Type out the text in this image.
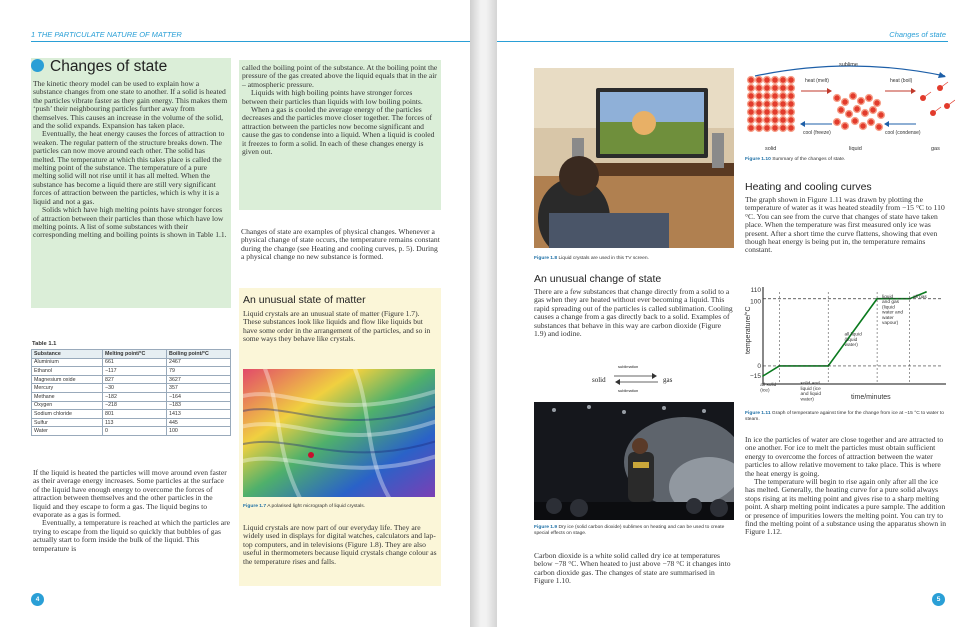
1 THE PARTICULATE NATURE OF MATTER
Changes of state

The kinetic theory model can be used to explain how a substance changes from one state to another. If a solid is heated the particles vibrate faster as they gain energy. This makes them ‘push’ their neighbouring particles further away from themselves. This causes an increase in the volume of the solid, and the solid expands. Expansion has taken place.

Eventually, the heat energy causes the forces of attraction to weaken. The regular pattern of the structure breaks down. The particles can now move around each other. The solid has melted. The temperature at which this takes place is called the melting point of the substance. The temperature of a pure melting solid will not rise until it has all melted. When the substance has become a liquid there are still very significant forces of attraction between the particles, which is why it is a liquid and not a gas.

Solids which have high melting points have stronger forces of attraction between their particles than those which have low melting points. A list of some substances with their corresponding melting and boiling points is shown in Table 1.1.

Table 1.1
Substance	Melting point/°C	Boiling point/°C
Aluminium	661	2467
Ethanol	−117	79
Magnesium oxide	827	3627
Mercury	−30	357
Methane	−182	−164
Oxygen	−218	−183
Sodium chloride	801	1413
Sulfur	113	445
Water	0	100

If the liquid is heated the particles will move around even faster as their average energy increases. Some particles at the surface of the liquid have enough energy to overcome the forces of attraction between themselves and the other particles in the liquid and they escape to form a gas. The liquid begins to evaporate as a gas is formed.

Eventually, a temperature is reached at which the particles are trying to escape from the liquid so quickly that bubbles of gas actually start to form inside the bulk of the liquid. This temperature is

called the boiling point of the substance. At the boiling point the pressure of the gas created above the liquid equals that in the air – atmospheric pressure.

Liquids with high boiling points have stronger forces between their particles than liquids with low boiling points.

When a gas is cooled the average energy of the particles decreases and the particles move closer together. The forces of attraction between the particles now become significant and cause the gas to condense into a liquid. When a liquid is cooled it freezes to form a solid. In each of these changes energy is given out.

Changes of state are examples of physical changes. Whenever a physical change of state occurs, the temperature remains constant during the change (see Heating and cooling curves, p. 5). During a physical change no new substance is formed.

An unusual state of matter

Liquid crystals are an unusual state of matter (Figure 1.7). These substances look like liquids and flow like liquids but have some order in the arrangement of the particles, and so in some ways they behave like crystals.

Figure 1.7 A polarised light micrograph of liquid crystals.

Liquid crystals are now part of our everyday life. They are widely used in displays for digital watches, calculators and lap-top computers, and in televisions (Figure 1.8). They are also useful in thermometers because liquid crystals change colour as the temperature rises and falls.

4
Changes of state
Figure 1.8 Liquid crystals are used in this TV screen.
An unusual change of state

There are a few substances that change directly from a solid to a gas when they are heated without ever becoming a liquid. This rapid spreading out of the particles is called sublimation. Cooling causes a change from a gas directly back to a solid. Examples of substances that behave in this way are carbon dioxide (Figure 1.9) and iodine.

sublimation
solid	gas
sublimation
Figure 1.9 Dry ice (solid carbon dioxide) sublimes on heating and can be used to create special effects on stage.

Carbon dioxide is a white solid called dry ice at temperatures below −78 °C. When heated to just above −78 °C it changes into carbon dioxide gas. The changes of state are summarised in Figure 1.10.

sublime
heat (melt)	heat (boil)
cool (freeze)	cool (condense)
solid	liquid	gas
Figure 1.10 Summary of the changes of state.
Heating and cooling curves

The graph shown in Figure 1.11 was drawn by plotting the temperature of water as it was heated steadily from −15 °C to 110 °C. You can see from the curve that changes of state have taken place. When the temperature was first measured only ice was present. After a short time the curve flattens, showing that even though heat energy is being put in, the temperature remains constant.

temperature/°C
time/minutes
110
100
0
−15
all solid (ice)
solid and liquid (ice and liquid water)
all liquid (liquid water)
liquid and gas (liquid water and water vapour)
all gas
Figure 1.11 Graph of temperature against time for the change from ice at −15 °C to water to steam.

In ice the particles of water are close together and are attracted to one another. For ice to melt the particles must obtain sufficient energy to overcome the forces of attraction between the water particles to allow relative movement to take place. This is where the heat energy is going.

The temperature will begin to rise again only after all the ice has melted. Generally, the heating curve for a pure solid always stops rising at its melting point and gives rise to a sharp melting point. A sharp melting point indicates a pure sample. The addition or presence of impurities lowers the melting point. You can try to find the melting point of a substance using the apparatus shown in Figure 1.12.

5
